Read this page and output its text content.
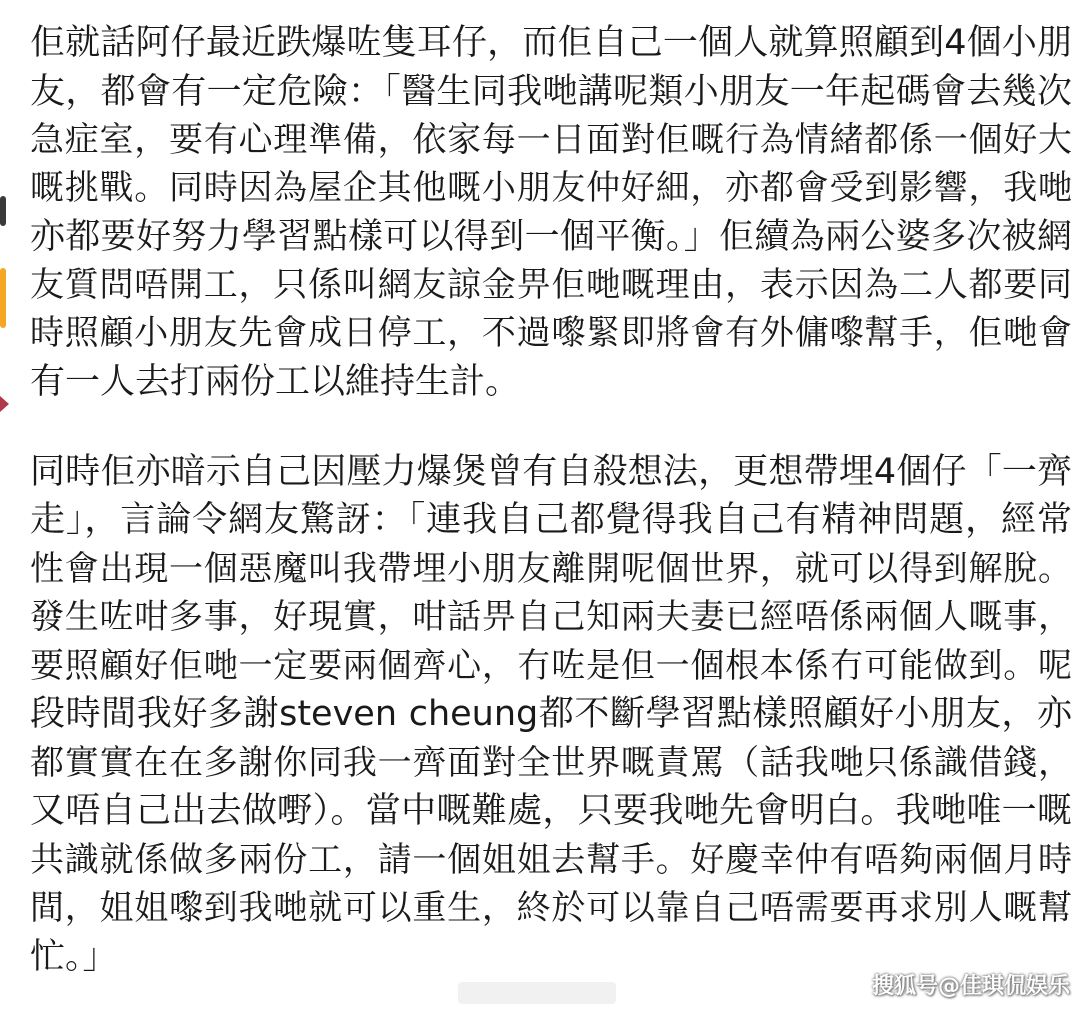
佢就話阿仔最近跌爆咗隻耳仔，而佢自己一個人就算照顧到4個小朋
友，都會有一定危險：「醫生同我哋講呢類小朋友一年起碼會去幾次
急症室，要有心理準備，依家每一日面對佢嘅行為情緒都係一個好大
嘅挑戰。同時因為屋企其他嘅小朋友仲好細，亦都會受到影響，我哋
亦都要好努力學習點樣可以得到一個平衡。」佢續為兩公婆多次被網
友質問唔開工，只係叫網友諒金畀佢哋嘅理由，表示因為二人都要同
時照顧小朋友先會成日停工，不過嚟緊即將會有外傭嚟幫手，佢哋會
有一人去打兩份工以維持生計。
同時佢亦暗示自己因壓力爆煲曾有自殺想法，更想帶埋4個仔「一齊
走」，言論令網友驚訝：「連我自己都覺得我自己有精神問題，經常
性會出現一個惡魔叫我帶埋小朋友離開呢個世界，就可以得到解脫。
發生咗咁多事，好現實，咁話畀自己知兩夫妻已經唔係兩個人嘅事，
要照顧好佢哋一定要兩個齊心，冇咗是但一個根本係冇可能做到。呢
段時間我好多謝steven cheung都不斷學習點樣照顧好小朋友，亦
都實實在在多謝你同我一齊面對全世界嘅責罵（話我哋只係識借錢，
又唔自己出去做嘢）。當中嘅難處，只要我哋先會明白。我哋唯一嘅
共識就係做多兩份工，請一個姐姐去幫手。好慶幸仲有唔夠兩個月時
間，姐姐嚟到我哋就可以重生，終於可以靠自己唔需要再求別人嘅幫
忙。」
搜狐号@佳琪侃娱乐
